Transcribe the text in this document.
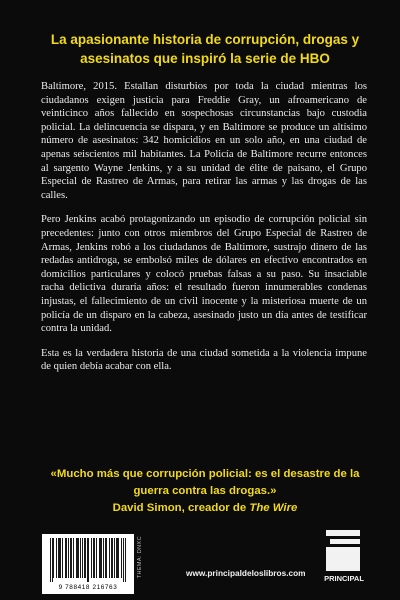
La apasionante historia de corrupción, drogas y asesinatos que inspiró la serie de HBO

Baltimore, 2015. Estallan disturbios por toda la ciudad mientras los ciudadanos exigen justicia para Freddie Gray, un afroamericano de veinticinco años fallecido en sospechosas circunstancias bajo custodia policial. La delincuencia se dispara, y en Baltimore se produce un altísimo número de asesinatos: 342 homicidios en un solo año, en una ciudad de apenas seiscientos mil habitantes. La Policía de Baltimore recurre entonces al sargento Wayne Jenkins, y a su unidad de élite de paisano, el Grupo Especial de Rastreo de Armas, para retirar las armas y las drogas de las calles.

Pero Jenkins acabó protagonizando un episodio de corrupción policial sin precedentes: junto con otros miembros del Grupo Especial de Rastreo de Armas, Jenkins robó a los ciudadanos de Baltimore, sustrajo dinero de las redadas antidroga, se embolsó miles de dólares en efectivo encontrados en domicilios particulares y colocó pruebas falsas a su paso. Su insaciable racha delictiva duraría años: el resultado fueron innumerables condenas injustas, el fallecimiento de un civil inocente y la misteriosa muerte de un policía de un disparo en la cabeza, asesinado justo un día antes de testificar contra la unidad.

Esta es la verdadera historia de una ciudad sometida a la violencia impune de quien debía acabar con ella.

«Mucho más que corrupción policial: es el desastre de la guerra contra las drogas.»
David Simon, creador de The Wire
9 788418 216763
THEMA: DNXC	www.principaldeloslibros.com
PRINCIPAL
